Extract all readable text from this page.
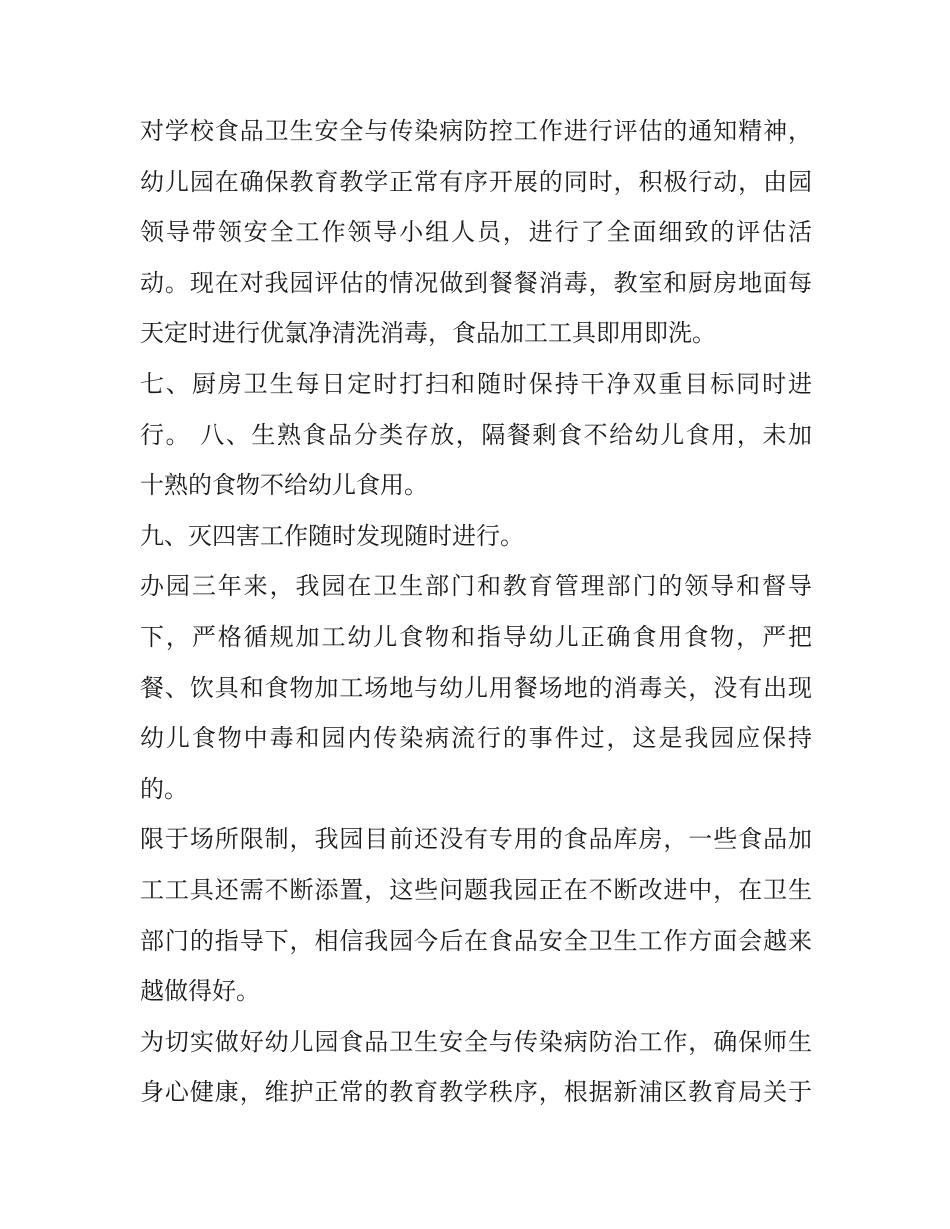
对学校食品卫生安全与传染病防控工作进行评估的通知精神，
幼儿园在确保教育教学正常有序开展的同时，积极行动，由园
领导带领安全工作领导小组人员，进行了全面细致的评估活
动。现在对我园评估的情况做到餐餐消毒，教室和厨房地面每
天定时进行优氯净清洗消毒，食品加工工具即用即洗。
七、厨房卫生每日定时打扫和随时保持干净双重目标同时进
行。 八、生熟食品分类存放，隔餐剩食不给幼儿食用，未加
十熟的食物不给幼儿食用。
九、灭四害工作随时发现随时进行。
办园三年来，我园在卫生部门和教育管理部门的领导和督导
下，严格循规加工幼儿食物和指导幼儿正确食用食物，严把
餐、饮具和食物加工场地与幼儿用餐场地的消毒关，没有出现
幼儿食物中毒和园内传染病流行的事件过，这是我园应保持
的。
限于场所限制，我园目前还没有专用的食品库房，一些食品加
工工具还需不断添置，这些问题我园正在不断改进中，在卫生
部门的指导下，相信我园今后在食品安全卫生工作方面会越来
越做得好。
为切实做好幼儿园食品卫生安全与传染病防治工作，确保师生
身心健康，维护正常的教育教学秩序，根据新浦区教育局关于
